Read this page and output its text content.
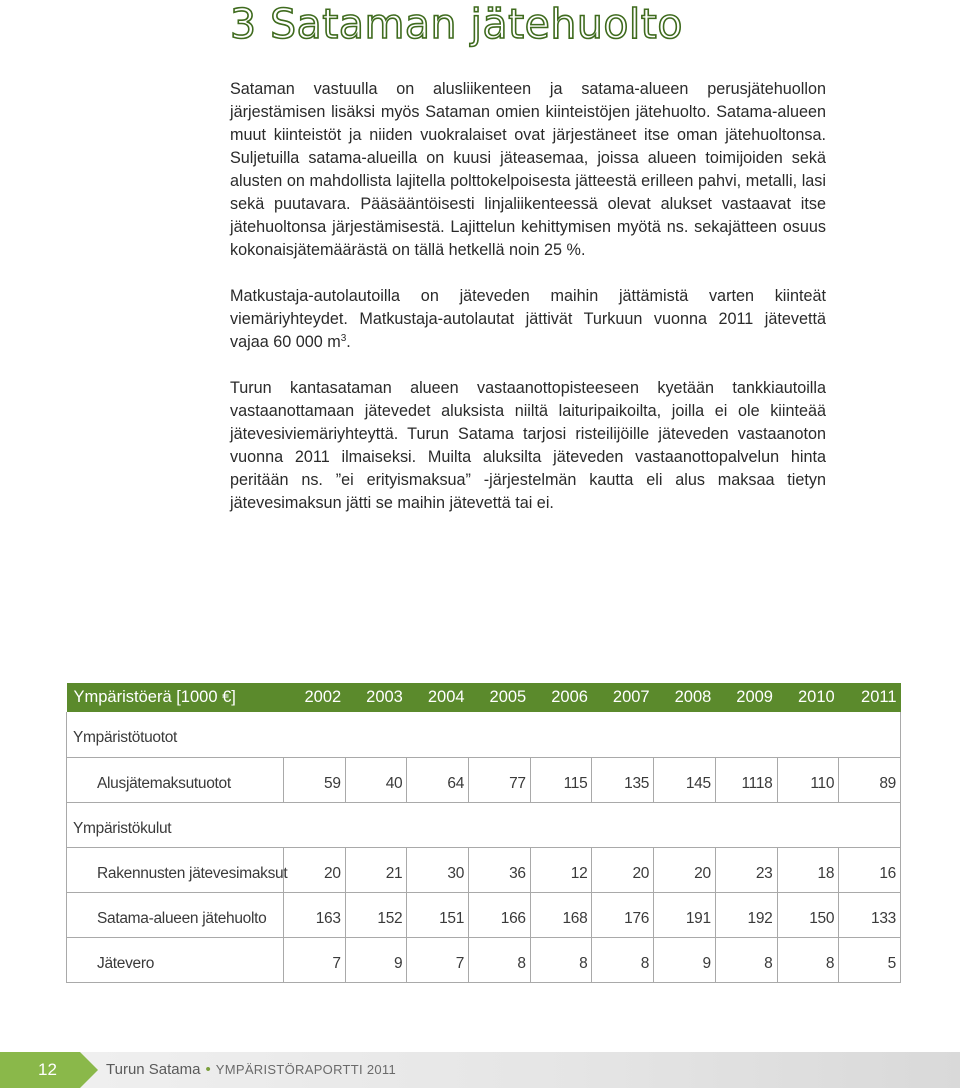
3 Sataman jätehuolto

Sataman vastuulla on alusliikenteen ja satama-alueen perusjätehuollon järjestämisen lisäksi myös Sataman omien kiinteistöjen jätehuolto. Satama-alueen muut kiinteistöt ja niiden vuokralaiset ovat järjestäneet itse oman jätehuoltonsa. Suljetuilla satama-alueilla on kuusi jäteasemaa, joissa alueen toimijoiden sekä alusten on mahdollista lajitella polttokelpoisesta jätteestä erilleen pahvi, metalli, lasi sekä puutavara. Pääsääntöisesti linjaliikenteessä olevat alukset vastaavat itse jätehuoltonsa järjestämisestä. Lajittelun kehittymisen myötä ns. sekajätteen osuus kokonaisjätemäärästä on tällä hetkellä noin 25 %.

Matkustaja-autolautoilla on jäteveden maihin jättämistä varten kiinteät viemäriyhteydet. Matkustaja-autolautat jättivät Turkuun vuonna 2011 jätevettä vajaa 60 000 $m^3$.

Turun kantasataman alueen vastaanottopisteeseen kyetään tankkiautoilla vastaanottamaan jätevedet aluksista niiltä laituripaikoilta, joilla ei ole kiinteää jätevesiviemäriyhteyttä. Turun Satama tarjosi risteilijöille jäteveden vastaanoton vuonna 2011 ilmaiseksi. Muilta aluksilta jäteveden vastaanottopalvelun hinta peritään ns. ”ei erityismaksua” -järjestelmän kautta eli alus maksaa tietyn jätevesimaksun jätti se maihin jätevettä tai ei.

Ympäristöerä [1000 €]	2002	2003	2004	2005	2006	2007	2008	2009	2010	2011
Ympäristötuotot										
Alusjätemaksutuotot	59	40	64	77	115	135	145	1118	110	89
Ympäristökulut										
Rakennusten jätevesimaksut	20	21	30	36	12	20	20	23	18	16
Satama-alueen jätehuolto	163	152	151	166	168	176	191	192	150	133
Jätevero	7	9	7	8	8	8	9	8	8	5
12	Turun Satama • YMPÄRISTÖRAPORTTI 2011
